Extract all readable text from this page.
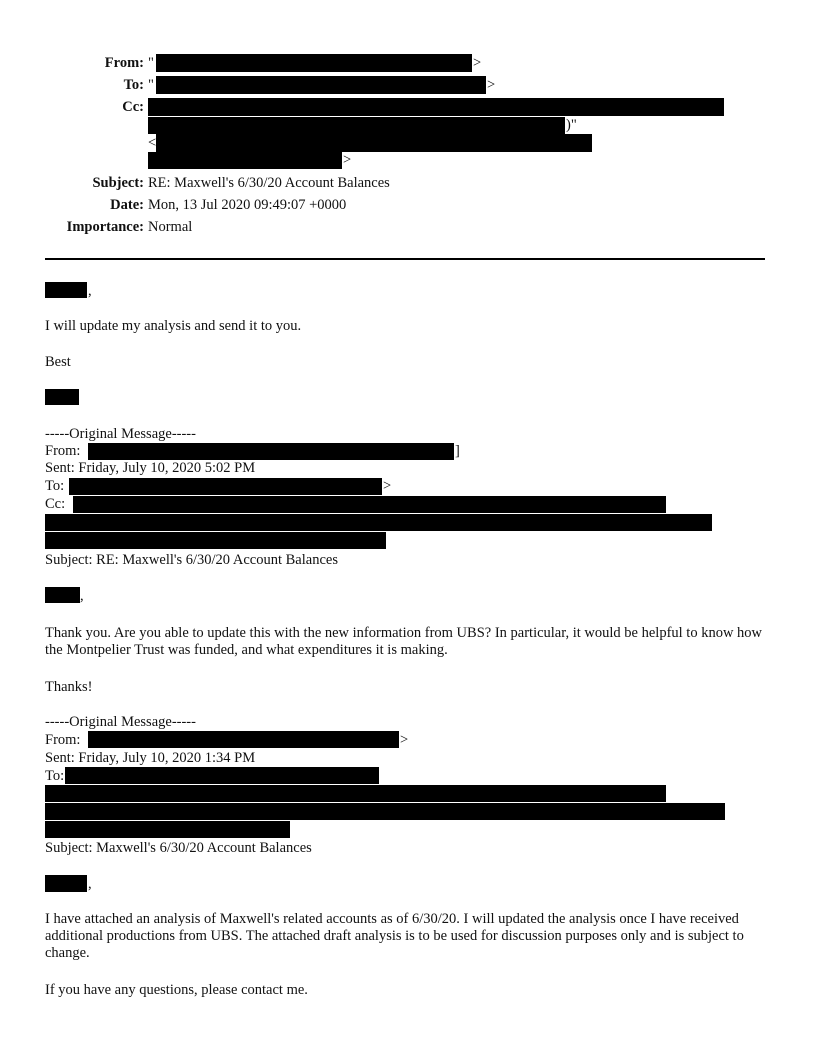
From: "	>
To: "	>
Cc:
)"
<
>
Subject: RE: Maxwell's 6/30/20 Account Balances
Date: Mon, 13 Jul 2020 09:49:07 +0000
Importance: Normal
,
I will update my analysis and send it to you.
Best
-----Original Message-----
From:	]
Sent: Friday, July 10, 2020 5:02 PM
To:	>
Cc:
Subject: RE: Maxwell's 6/30/20 Account Balances
,
Thank you. Are you able to update this with the new information from UBS? In particular, it would be helpful to know how the Montpelier Trust was funded, and what expenditures it is making.
Thanks!
-----Original Message-----
From:	>
Sent: Friday, July 10, 2020 1:34 PM
To:
Subject: Maxwell's 6/30/20 Account Balances
,
I have attached an analysis of Maxwell's related accounts as of 6/30/20. I will updated the analysis once I have received additional productions from UBS. The attached draft analysis is to be used for discussion purposes only and is subject to change.
If you have any questions, please contact me.
